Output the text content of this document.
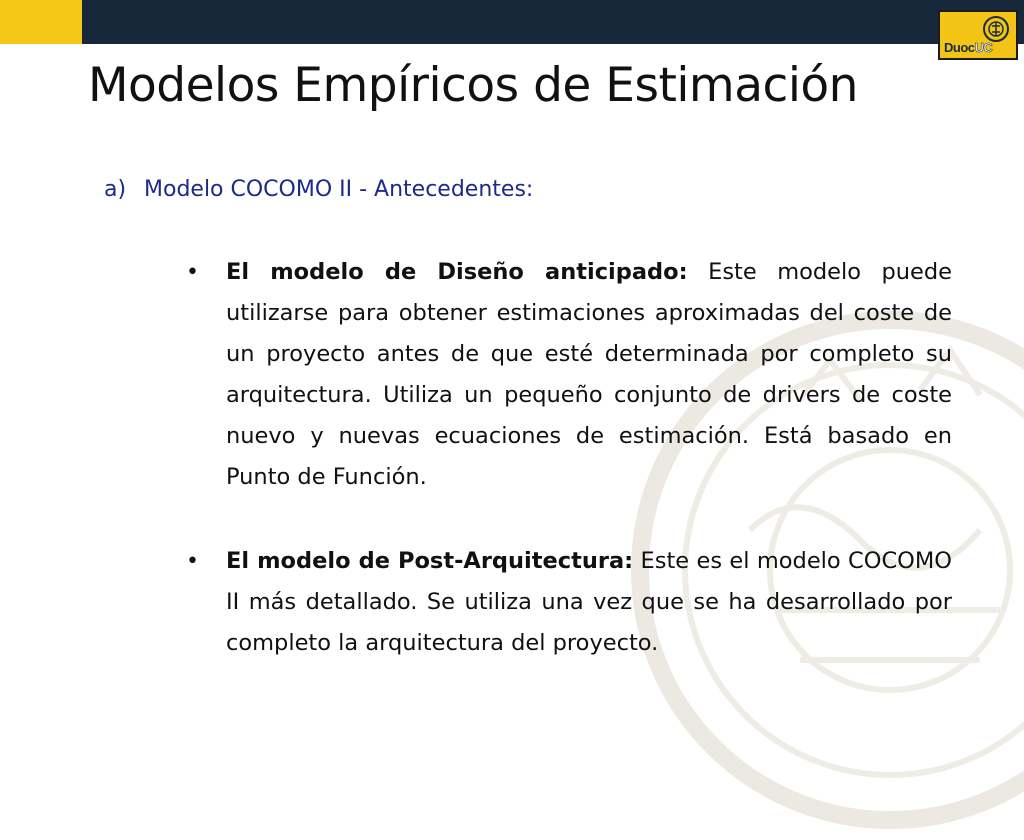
DuocUC
Modelos Empíricos de Estimación
a) Modelo COCOMO II - Antecedentes:
• El modelo de Diseño anticipado: Este modelo puede utilizarse para obtener estimaciones aproximadas del coste de un proyecto antes de que esté determinada por completo su arquitectura. Utiliza un pequeño conjunto de drivers de coste nuevo y nuevas ecuaciones de estimación. Está basado en Punto de Función.
• El modelo de Post-Arquitectura: Este es el modelo COCOMO II más detallado. Se utiliza una vez que se ha desarrollado por completo la arquitectura del proyecto.
